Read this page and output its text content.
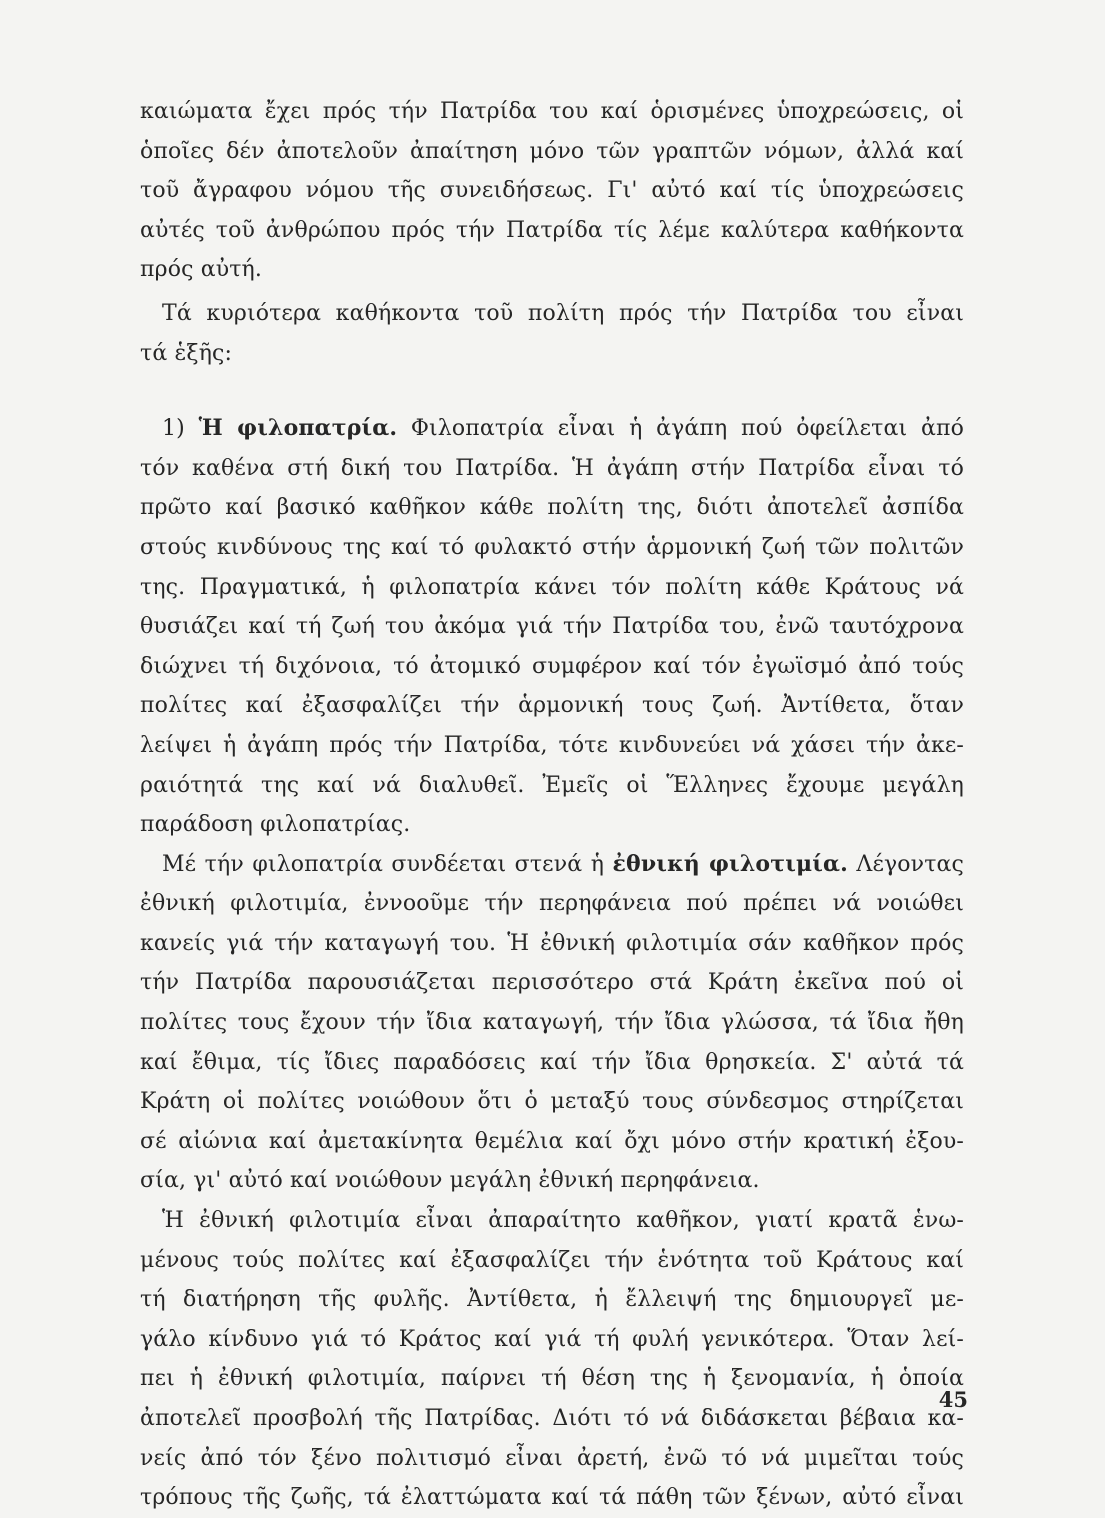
καιώματα ἔχει πρός τήν Πατρίδα του καί ὁρισμένες ὑποχρεώσεις, οἱ
ὁποῖες δέν ἀποτελοῦν ἀπαίτηση μόνο τῶν γραπτῶν νόμων, ἀλλά καί
τοῦ ἄγραφου νόμου τῆς συνειδήσεως. Γι' αὐτό καί τίς ὑποχρεώσεις
αὐτές τοῦ ἀνθρώπου πρός τήν Πατρίδα τίς λέμε καλύτερα καθήκοντα
πρός αὐτή.
Τά κυριότερα καθήκοντα τοῦ πολίτη πρός τήν Πατρίδα του εἶναι
τά ἑξῆς:
1) Ἡ φιλοπατρία. Φιλοπατρία εἶναι ἡ ἀγάπη πού ὀφείλεται ἀπό
τόν καθένα στή δική του Πατρίδα. Ἡ ἀγάπη στήν Πατρίδα εἶναι τό
πρῶτο καί βασικό καθῆκον κάθε πολίτη της, διότι ἀποτελεῖ ἀσπίδα
στούς κινδύνους της καί τό φυλακτό στήν ἁρμονική ζωή τῶν πολιτῶν
της. Πραγματικά, ἡ φιλοπατρία κάνει τόν πολίτη κάθε Κράτους νά
θυσιάζει καί τή ζωή του ἀκόμα γιά τήν Πατρίδα του, ἐνῶ ταυτόχρονα
διώχνει τή διχόνοια, τό ἀτομικό συμφέρον καί τόν ἐγωϊσμό ἀπό τούς
πολίτες καί ἐξασφαλίζει τήν ἁρμονική τους ζωή. Ἀντίθετα, ὅταν
λείψει ἡ ἀγάπη πρός τήν Πατρίδα, τότε κινδυνεύει νά χάσει τήν ἀκε-
ραιότητά της καί νά διαλυθεῖ. Ἐμεῖς οἱ Ἕλληνες ἔχουμε μεγάλη
παράδοση φιλοπατρίας.
Μέ τήν φιλοπατρία συνδέεται στενά ἡ ἐθνική φιλοτιμία. Λέγοντας
ἐθνική φιλοτιμία, ἐννοοῦμε τήν περηφάνεια πού πρέπει νά νοιώθει
κανείς γιά τήν καταγωγή του. Ἡ ἐθνική φιλοτιμία σάν καθῆκον πρός
τήν Πατρίδα παρουσιάζεται περισσότερο στά Κράτη ἐκεῖνα πού οἱ
πολίτες τους ἔχουν τήν ἴδια καταγωγή, τήν ἴδια γλώσσα, τά ἴδια ἤθη
καί ἔθιμα, τίς ἴδιες παραδόσεις καί τήν ἴδια θρησκεία. Σ' αὐτά τά
Κράτη οἱ πολίτες νοιώθουν ὅτι ὁ μεταξύ τους σύνδεσμος στηρίζεται
σέ αἰώνια καί ἀμετακίνητα θεμέλια καί ὄχι μόνο στήν κρατική ἐξου-
σία, γι' αὐτό καί νοιώθουν μεγάλη ἐθνική περηφάνεια.
Ἡ ἐθνική φιλοτιμία εἶναι ἀπαραίτητο καθῆκον, γιατί κρατᾶ ἑνω-
μένους τούς πολίτες καί ἐξασφαλίζει τήν ἑνότητα τοῦ Κράτους καί
τή διατήρηση τῆς φυλῆς. Ἀντίθετα, ἡ ἔλλειψή της δημιουργεῖ με-
γάλο κίνδυνο γιά τό Κράτος καί γιά τή φυλή γενικότερα. Ὅταν λεί-
πει ἡ ἐθνική φιλοτιμία, παίρνει τή θέση της ἡ ξενομανία, ἡ ὁποία
ἀποτελεῖ προσβολή τῆς Πατρίδας. Διότι τό νά διδάσκεται βέβαια κα-
νείς ἀπό τόν ξένο πολιτισμό εἶναι ἀρετή, ἐνῶ τό νά μιμεῖται τούς
τρόπους τῆς ζωῆς, τά ἐλαττώματα καί τά πάθη τῶν ξένων, αὐτό εἶναι
45
